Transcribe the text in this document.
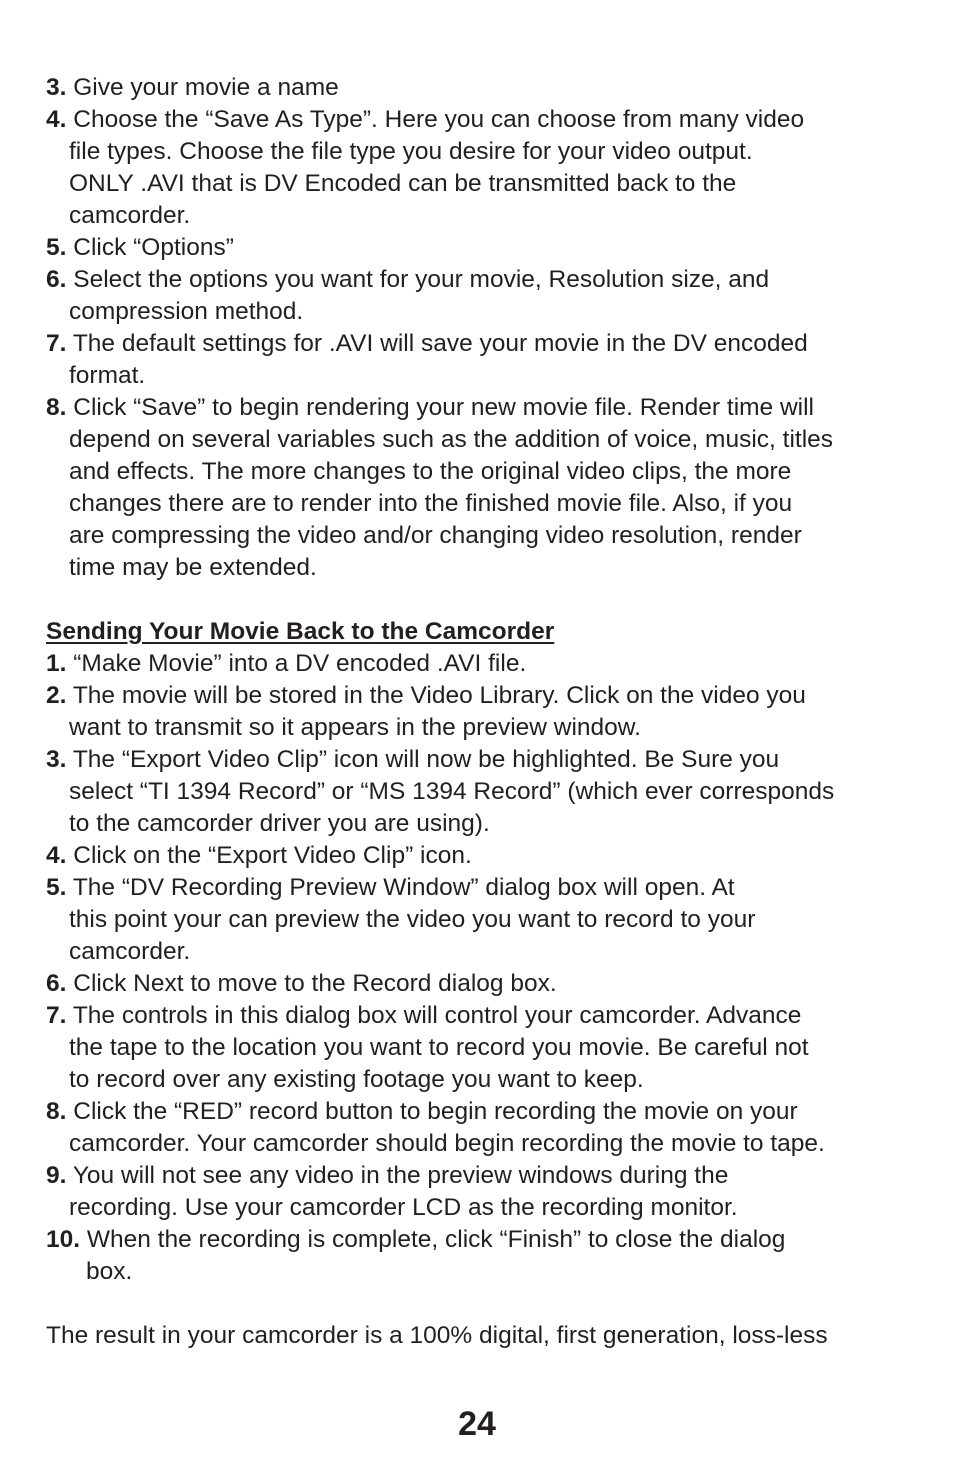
3. Give your movie a name
4. Choose the “Save As Type”. Here you can choose from many video
file types. Choose the file type you desire for your video output.
ONLY .AVI that is DV Encoded can be transmitted back to the
camcorder.
5. Click “Options”
6. Select the options you want for your movie, Resolution size, and
compression method.
7. The default settings for .AVI will save your movie in the DV encoded
format.
8. Click “Save” to begin rendering your new movie file. Render time will
depend on several variables such as the addition of voice, music, titles
and effects. The more changes to the original video clips, the more
changes there are to render into the finished movie file. Also, if you
are compressing the video and/or changing video resolution, render
time may be extended.
Sending Your Movie Back to the Camcorder
1. “Make Movie” into a DV encoded .AVI file.
2. The movie will be stored in the Video Library. Click on the video you
want to transmit so it appears in the preview window.
3. The “Export Video Clip” icon will now be highlighted. Be Sure you
select “TI 1394 Record” or “MS 1394 Record” (which ever corresponds
to the camcorder driver you are using).
4. Click on the “Export Video Clip” icon.
5. The “DV Recording Preview Window” dialog box will open. At
this point your can preview the video you want to record to your
camcorder.
6. Click Next to move to the Record dialog box.
7. The controls in this dialog box will control your camcorder. Advance
the tape to the location you want to record you movie. Be careful not
to record over any existing footage you want to keep.
8. Click the “RED” record button to begin recording the movie on your
camcorder. Your camcorder should begin recording the movie to tape.
9. You will not see any video in the preview windows during the
recording. Use your camcorder LCD as the recording monitor.
10. When the recording is complete, click “Finish” to close the dialog
box.
The result in your camcorder is a 100% digital, first generation, loss-less
24
